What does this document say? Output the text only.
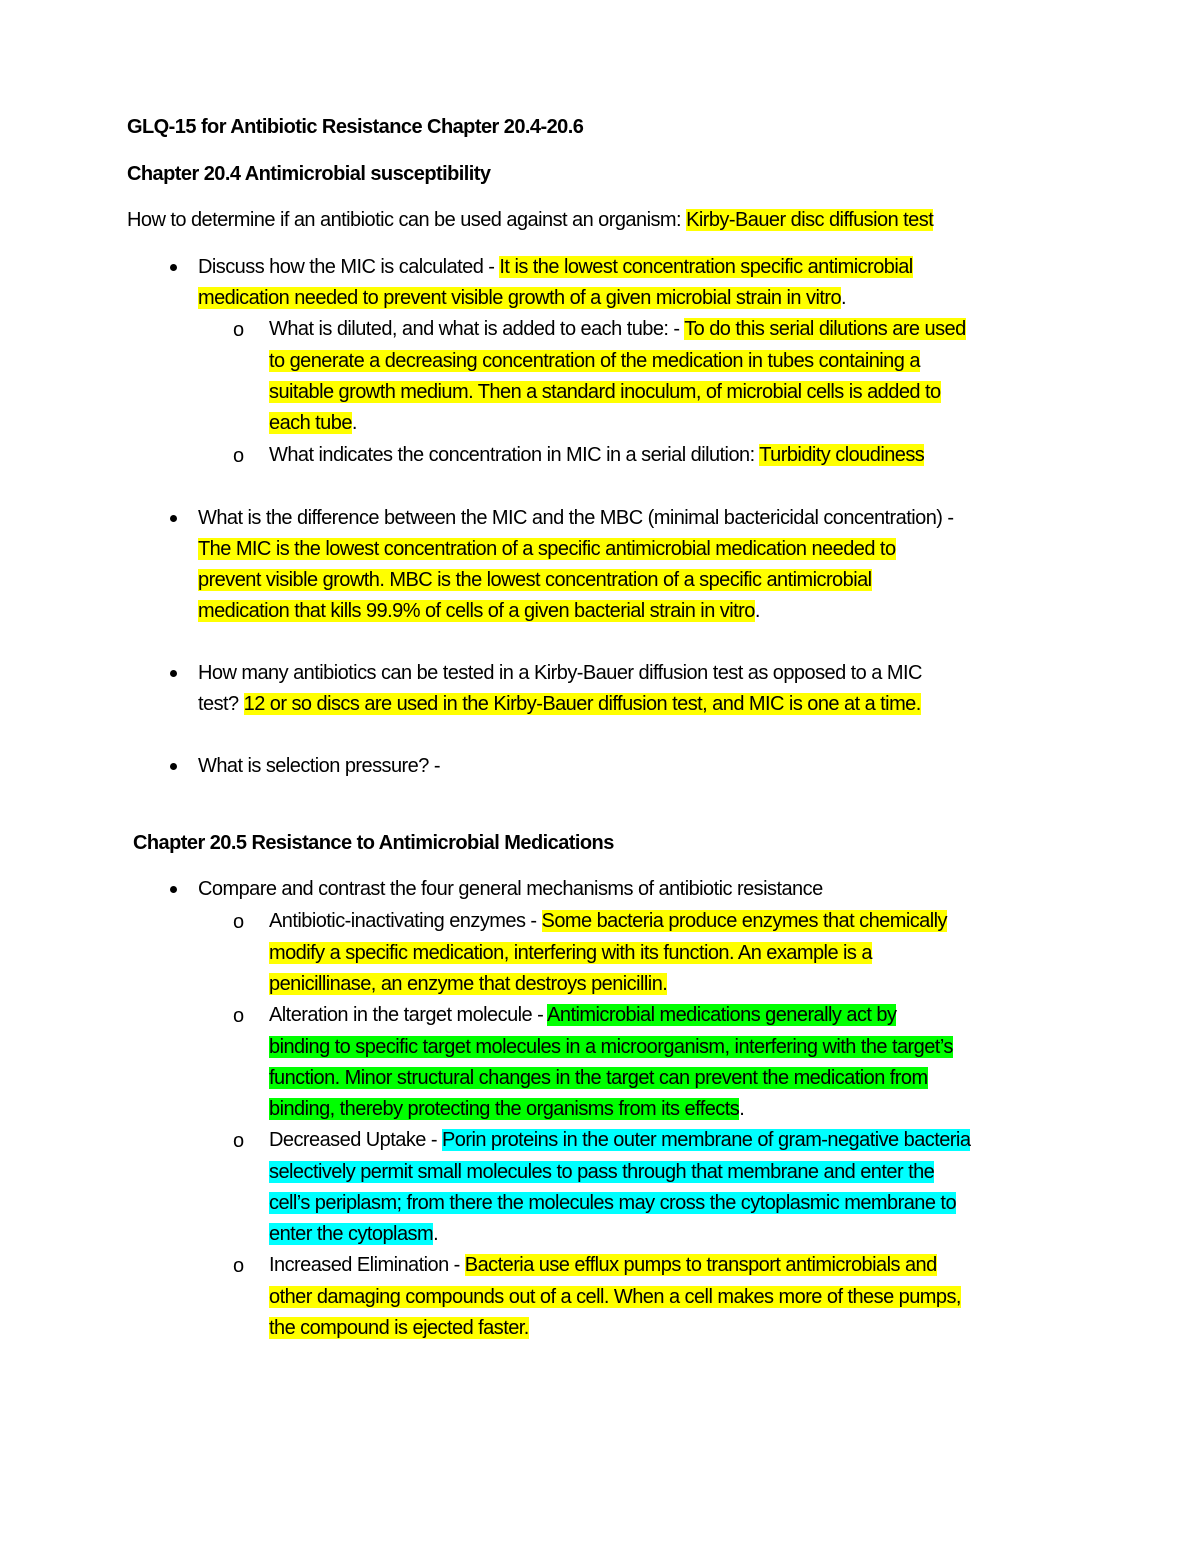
GLQ-15 for Antibiotic Resistance Chapter 20.4-20.6
Chapter 20.4 Antimicrobial susceptibility
How to determine if an antibiotic can be used against an organism: Kirby-Bauer disc diffusion test
Discuss how the MIC is calculated - It is the lowest concentration specific antimicrobial
medication needed to prevent visible growth of a given microbial strain in vitro.
o What is diluted, and what is added to each tube: - To do this serial dilutions are used
to generate a decreasing concentration of the medication in tubes containing a
suitable growth medium. Then a standard inoculum, of microbial cells is added to
each tube.
o What indicates the concentration in MIC in a serial dilution: Turbidity cloudiness
What is the difference between the MIC and the MBC (minimal bactericidal concentration) -
The MIC is the lowest concentration of a specific antimicrobial medication needed to
prevent visible growth. MBC is the lowest concentration of a specific antimicrobial
medication that kills 99.9% of cells of a given bacterial strain in vitro.
How many antibiotics can be tested in a Kirby-Bauer diffusion test as opposed to a MIC
test? 12 or so discs are used in the Kirby-Bauer diffusion test, and MIC is one at a time.
What is selection pressure? -
Chapter 20.5 Resistance to Antimicrobial Medications
Compare and contrast the four general mechanisms of antibiotic resistance
o Antibiotic-inactivating enzymes - Some bacteria produce enzymes that chemically
modify a specific medication, interfering with its function. An example is a
penicillinase, an enzyme that destroys penicillin.
o Alteration in the target molecule - Antimicrobial medications generally act by
binding to specific target molecules in a microorganism, interfering with the target’s
function. Minor structural changes in the target can prevent the medication from
binding, thereby protecting the organisms from its effects.
o Decreased Uptake - Porin proteins in the outer membrane of gram-negative bacteria
selectively permit small molecules to pass through that membrane and enter the
cell’s periplasm; from there the molecules may cross the cytoplasmic membrane to
enter the cytoplasm.
o Increased Elimination - Bacteria use efflux pumps to transport antimicrobials and
other damaging compounds out of a cell. When a cell makes more of these pumps,
the compound is ejected faster.
